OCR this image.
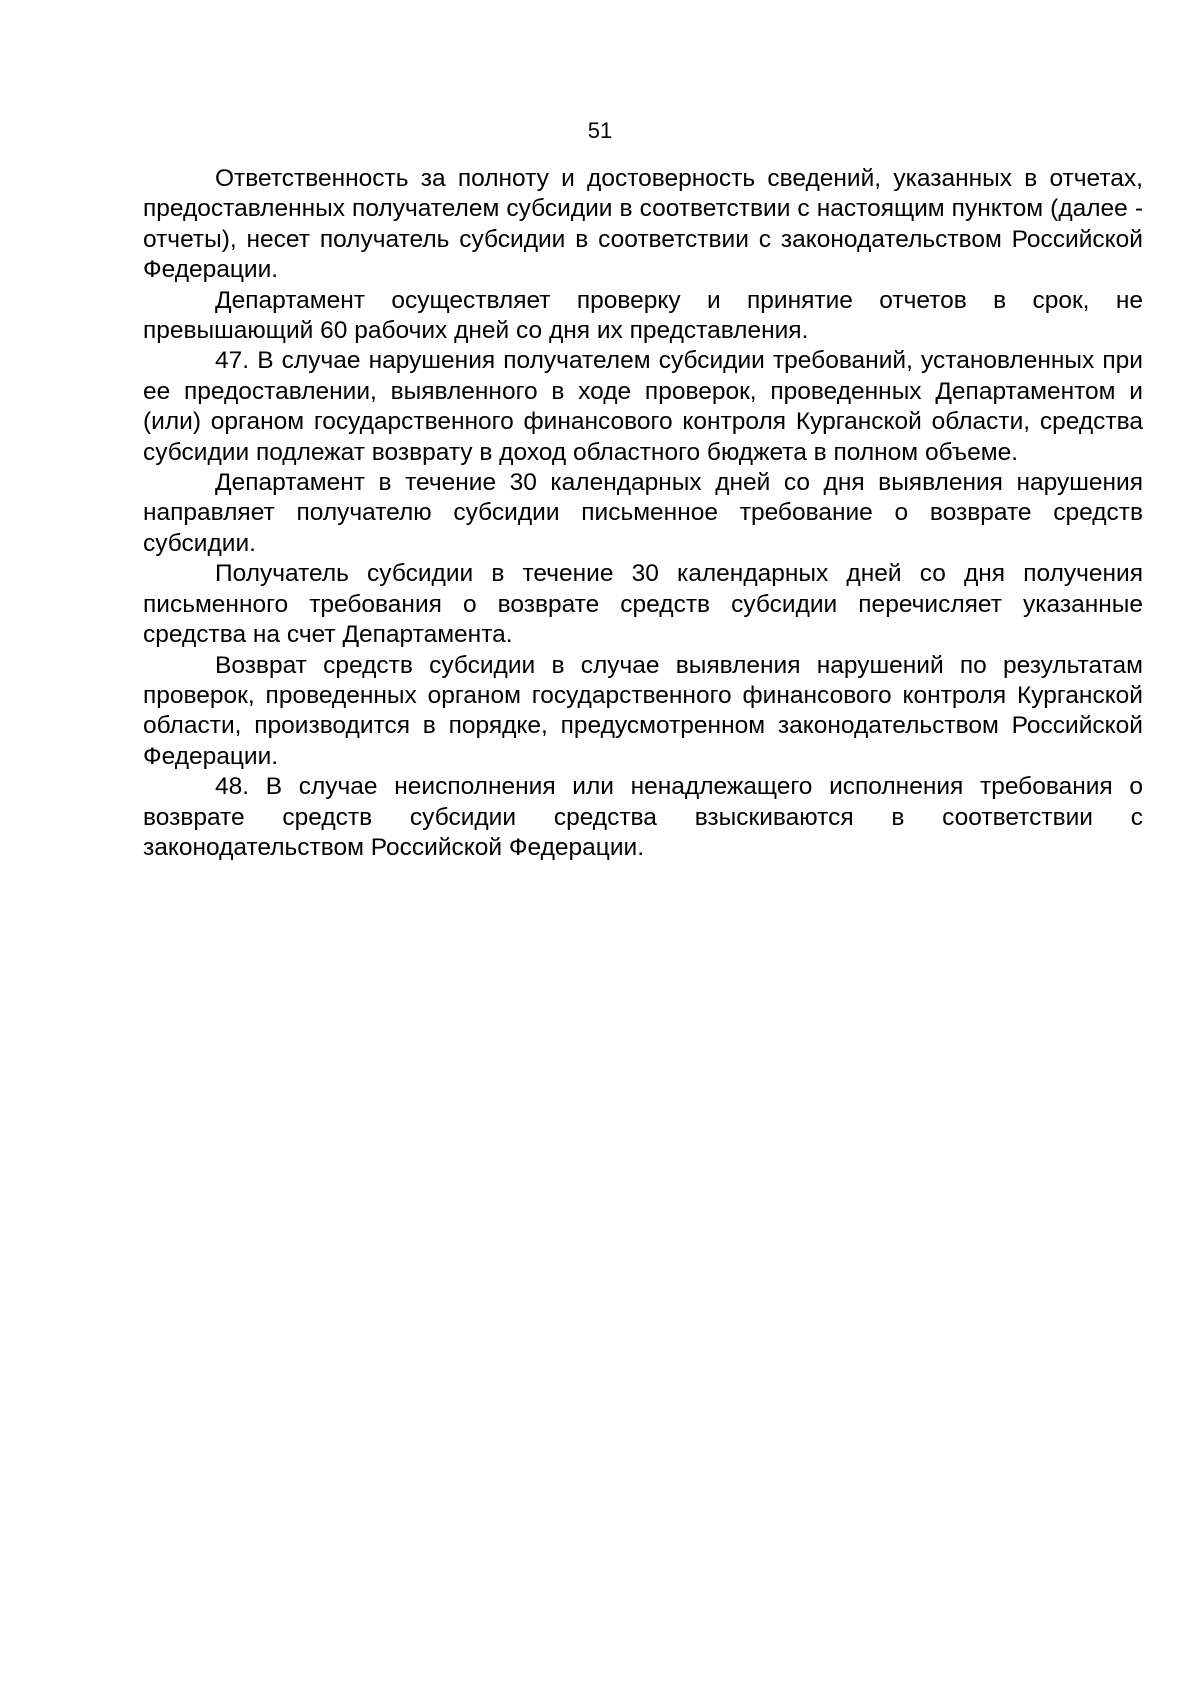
51

Ответственность за полноту и достоверность сведений, указанных в отчетах, предоставленных получателем субсидии в соответствии с настоящим пунктом (далее - отчеты), несет получатель субсидии в соответствии с законодательством Российской Федерации.

Департамент осуществляет проверку и принятие отчетов в срок, не превышающий 60 рабочих дней со дня их представления.

47. В случае нарушения получателем субсидии требований, установленных при ее предоставлении, выявленного в ходе проверок, проведенных Департаментом и (или) органом государственного финансового контроля Курганской области, средства субсидии подлежат возврату в доход областного бюджета в полном объеме.

Департамент в течение 30 календарных дней со дня выявления нарушения направляет получателю субсидии письменное требование о возврате средств субсидии.

Получатель субсидии в течение 30 календарных дней со дня получения письменного требования о возврате средств субсидии перечисляет указанные средства на счет Департамента.

Возврат средств субсидии в случае выявления нарушений по результатам проверок, проведенных органом государственного финансового контроля Курганской области, производится в порядке, предусмотренном законодательством Российской Федерации.

48. В случае неисполнения или ненадлежащего исполнения требования о возврате средств субсидии средства взыскиваются в соответствии с законодательством Российской Федерации.
